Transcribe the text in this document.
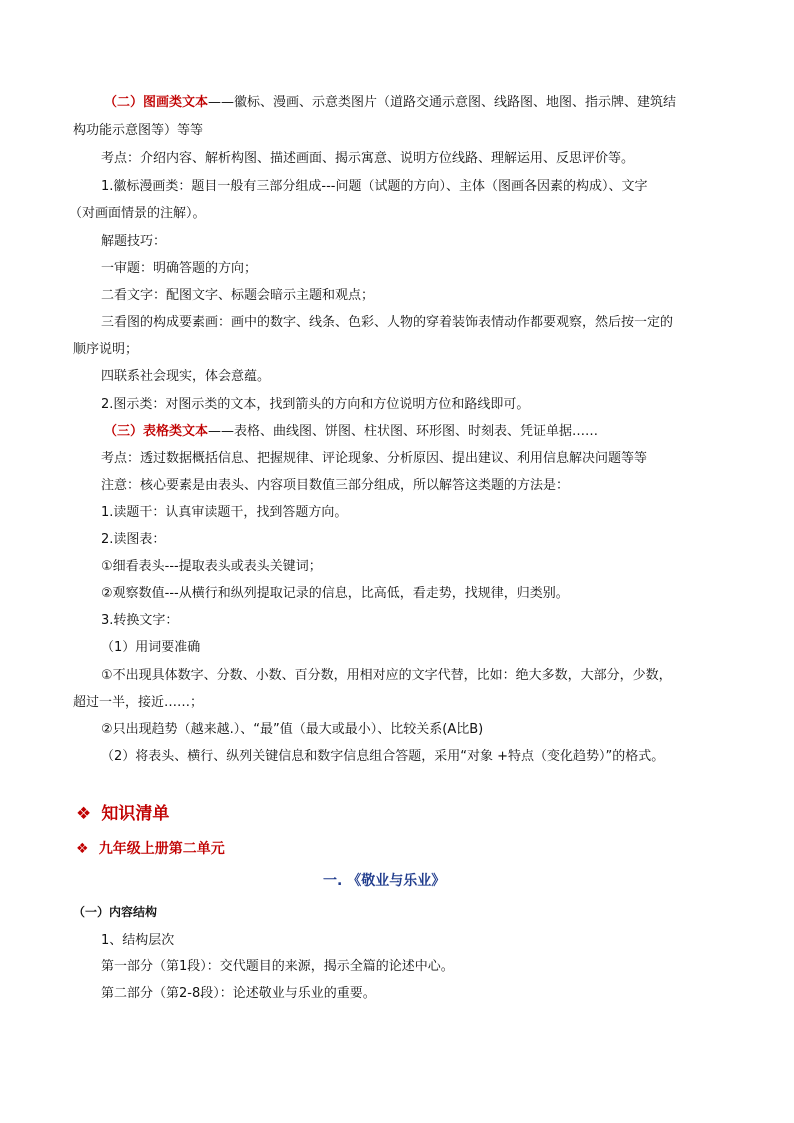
（二）图画类文本——徽标、漫画、示意类图片（道路交通示意图、线路图、地图、指示牌、建筑结
构功能示意图等）等等
考点：介绍内容、解析构图、描述画面、揭示寓意、说明方位线路、理解运用、反思评价等。
1.徽标漫画类：题目一般有三部分组成---问题（试题的方向）、主体（图画各因素的构成）、文字
（对画面情景的注解）。
解题技巧：
一审题：明确答题的方向；
二看文字：配图文字、标题会暗示主题和观点；
三看图的构成要素画：画中的数字、线条、色彩、人物的穿着装饰表情动作都要观察，然后按一定的
顺序说明；
四联系社会现实，体会意蕴。
2.图示类：对图示类的文本，找到箭头的方向和方位说明方位和路线即可。
（三）表格类文本——表格、曲线图、饼图、柱状图、环形图、时刻表、凭证单据……
考点：透过数据概括信息、把握规律、评论现象、分析原因、提出建议、利用信息解决问题等等
注意：核心要素是由表头、内容项目数值三部分组成，所以解答这类题的方法是：
1.读题干：认真审读题干，找到答题方向。
2.读图表：
①细看表头---提取表头或表头关键词；
②观察数值---从横行和纵列提取记录的信息，比高低，看走势，找规律，归类别。
3.转换文字：
（1）用词要准确
①不出现具体数字、分数、小数、百分数，用相对应的文字代替，比如：绝大多数，大部分，少数，
超过一半，接近……；
②只出现趋势（越来越.）、“最”值（最大或最小）、比较关系(A比B)
（2）将表头、横行、纵列关键信息和数字信息组合答题，采用“对象 +特点（变化趋势）”的格式。
❖ 知识清单
❖ 九年级上册第二单元
一. 《敬业与乐业》
（一）内容结构
1、结构层次
第一部分（第1段）：交代题目的来源，揭示全篇的论述中心。
第二部分（第2-8段）：论述敬业与乐业的重要。
